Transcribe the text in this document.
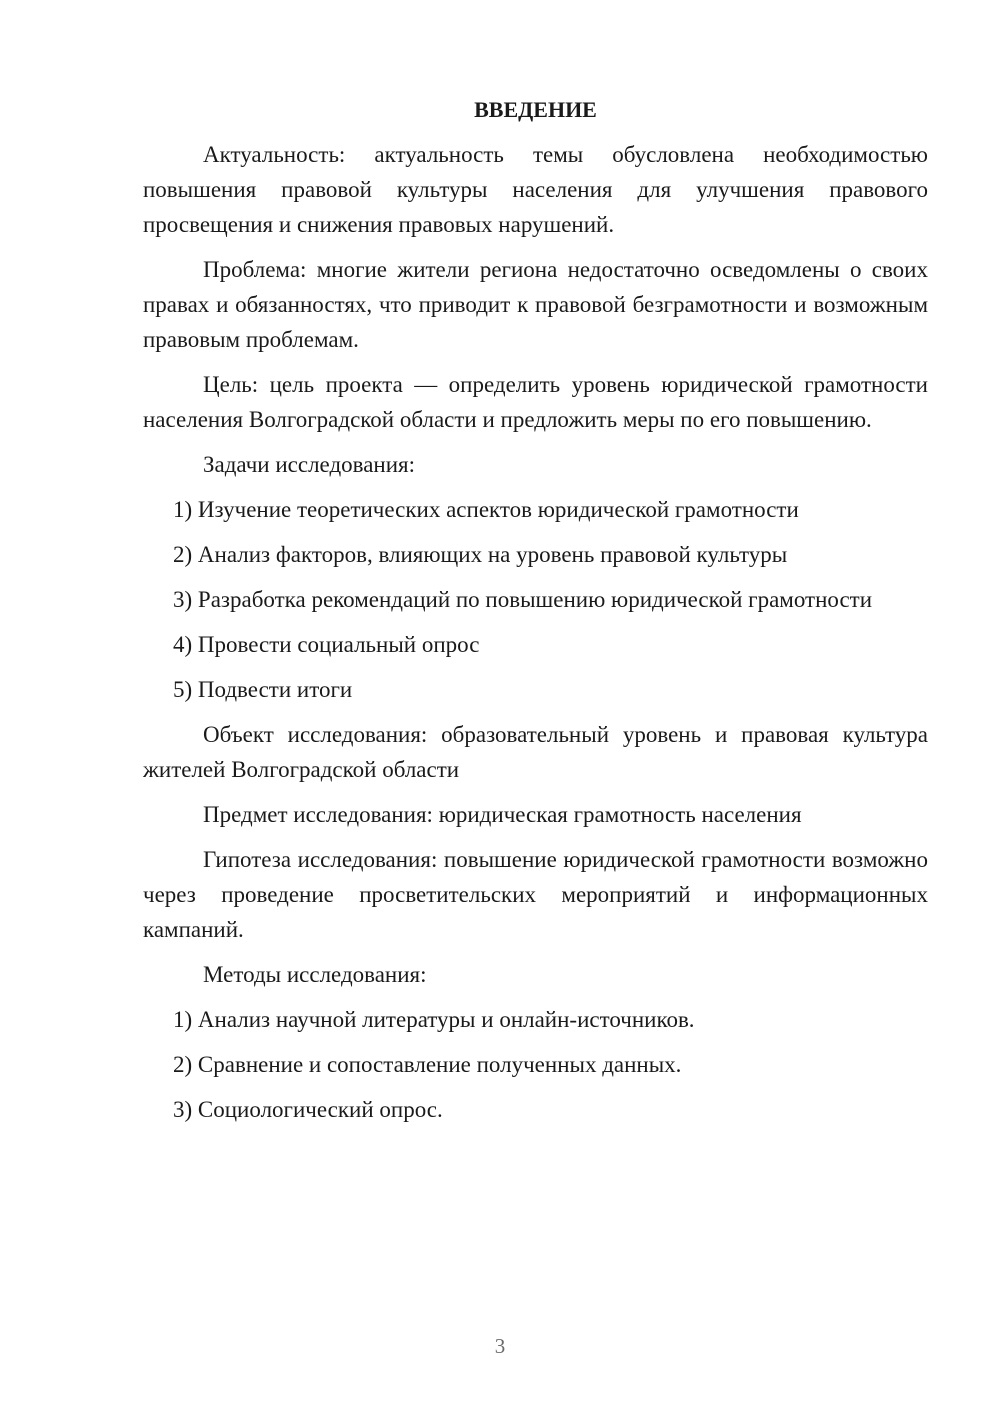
ВВЕДЕНИЕ

Актуальность: актуальность темы обусловлена необходимостью повышения правовой культуры населения для улучшения правового просвещения и снижения правовых нарушений.

Проблема: многие жители региона недостаточно осведомлены о своих правах и обязанностях, что приводит к правовой безграмотности и возможным правовым проблемам.

Цель: цель проекта — определить уровень юридической грамотности населения Волгоградской области и предложить меры по его повышению.

Задачи исследования:

1) Изучение теоретических аспектов юридической грамотности

2) Анализ факторов, влияющих на уровень правовой культуры

3) Разработка рекомендаций по повышению юридической грамотности

4) Провести социальный опрос

5) Подвести итоги

Объект исследования: образовательный уровень и правовая культура жителей Волгоградской области

Предмет исследования: юридическая грамотность населения

Гипотеза исследования: повышение юридической грамотности возможно через проведение просветительских мероприятий и информационных кампаний.

Методы исследования:

1) Анализ научной литературы и онлайн-источников.

2) Сравнение и сопоставление полученных данных.

3) Социологический опрос.

3
